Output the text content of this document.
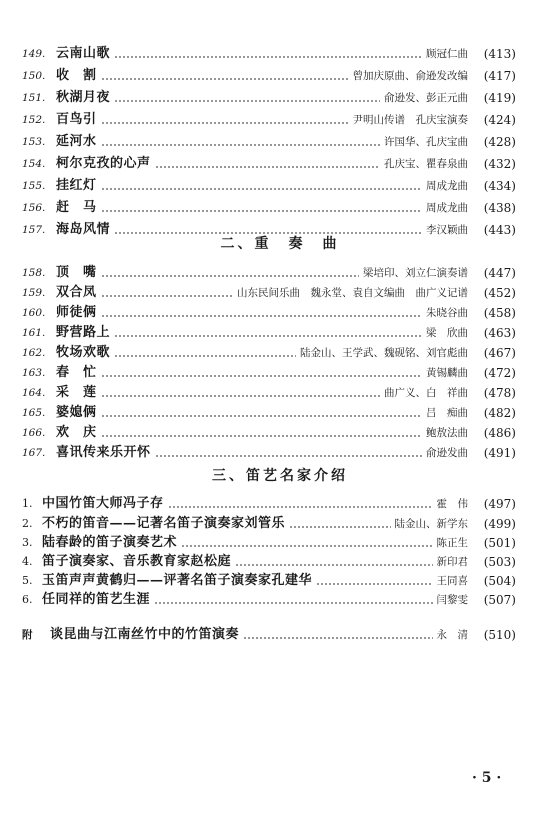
149. 云南山歌	顾冠仁曲	(413)
150. 收　割	曾加庆原曲、俞逊发改编	(417)
151. 秋湖月夜	俞逊发、彭正元曲	(419)
152. 百鸟引	尹明山传谱　孔庆宝演奏	(424)
153. 延河水	许国华、孔庆宝曲	(428)
154. 柯尔克孜的心声	孔庆宝、瞿春泉曲	(432)
155. 挂红灯	周成龙曲	(434)
156. 赶　马	周成龙曲	(438)
157. 海岛风情	李汉颖曲	(443)
二、重　奏　曲
158. 顶　嘴	梁培印、刘立仁演奏谱	(447)
159. 双合凤	山东民间乐曲　魏永堂、袁自文编曲　曲广义记谱	(452)
160. 师徒俩	朱晓谷曲	(458)
161. 野营路上	梁　欣曲	(463)
162. 牧场欢歌	陆金山、王学武、魏砚铭、刘官彪曲	(467)
163. 春　忙	黄锡麟曲	(472)
164. 采　莲	曲广义、白　祥曲	(478)
165. 婆媳俩	吕　痴曲	(482)
166. 欢　庆	鲍敖法曲	(486)
167. 喜讯传来乐开怀	俞逊发曲	(491)
三、笛艺名家介绍
1. 中国竹笛大师冯子存	霍　伟	(497)
2. 不朽的笛音——记著名笛子演奏家刘管乐	陆金山、新学东	(499)
3. 陆春龄的笛子演奏艺术	陈正生	(501)
4. 笛子演奏家、音乐教育家赵松庭	新印君	(503)
5. 玉笛声声黄鹤归——评著名笛子演奏家孔建华	王同喜	(504)
6. 任同祥的笛艺生涯	闫黎雯	(507)
附	谈昆曲与江南丝竹中的竹笛演奏	永　清	(510)
· 5 ·
